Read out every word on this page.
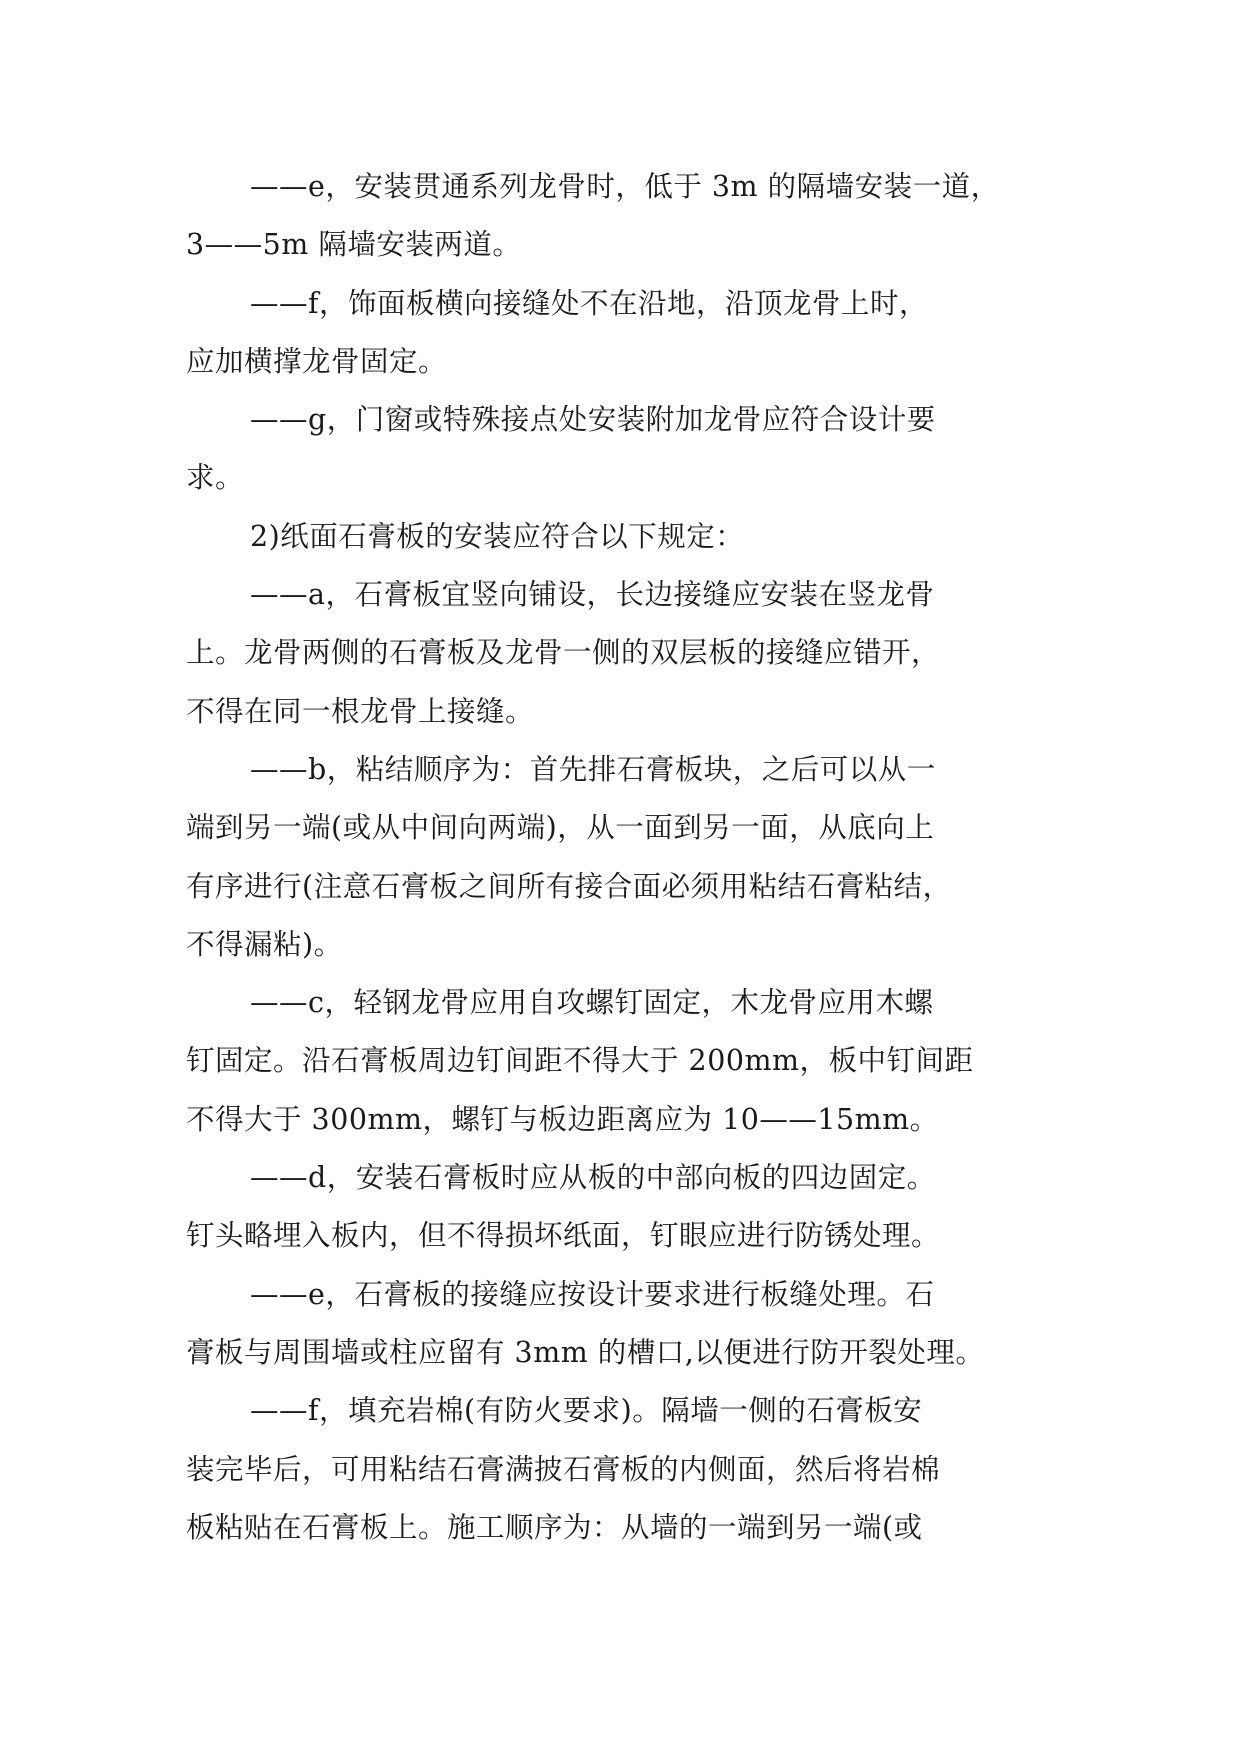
——e，安装贯通系列龙骨时，低于 3m 的隔墙安装一道，
3——5m 隔墙安装两道。
——f，饰面板横向接缝处不在沿地，沿顶龙骨上时，
应加横撑龙骨固定。
——g，门窗或特殊接点处安装附加龙骨应符合设计要
求。
2)纸面石膏板的安装应符合以下规定：
——a，石膏板宜竖向铺设，长边接缝应安装在竖龙骨
上。龙骨两侧的石膏板及龙骨一侧的双层板的接缝应错开，
不得在同一根龙骨上接缝。
——b，粘结顺序为：首先排石膏板块，之后可以从一
端到另一端(或从中间向两端)，从一面到另一面，从底向上
有序进行(注意石膏板之间所有接合面必须用粘结石膏粘结，
不得漏粘)。
——c，轻钢龙骨应用自攻螺钉固定，木龙骨应用木螺
钉固定。沿石膏板周边钉间距不得大于 200mm，板中钉间距
不得大于 300mm，螺钉与板边距离应为 10——15mm。
——d，安装石膏板时应从板的中部向板的四边固定。
钉头略埋入板内，但不得损坏纸面，钉眼应进行防锈处理。
——e，石膏板的接缝应按设计要求进行板缝处理。石
膏板与周围墙或柱应留有 3mm 的槽口,以便进行防开裂处理。
——f，填充岩棉(有防火要求)。隔墙一侧的石膏板安
装完毕后，可用粘结石膏满披石膏板的内侧面，然后将岩棉
板粘贴在石膏板上。施工顺序为：从墙的一端到另一端(或
